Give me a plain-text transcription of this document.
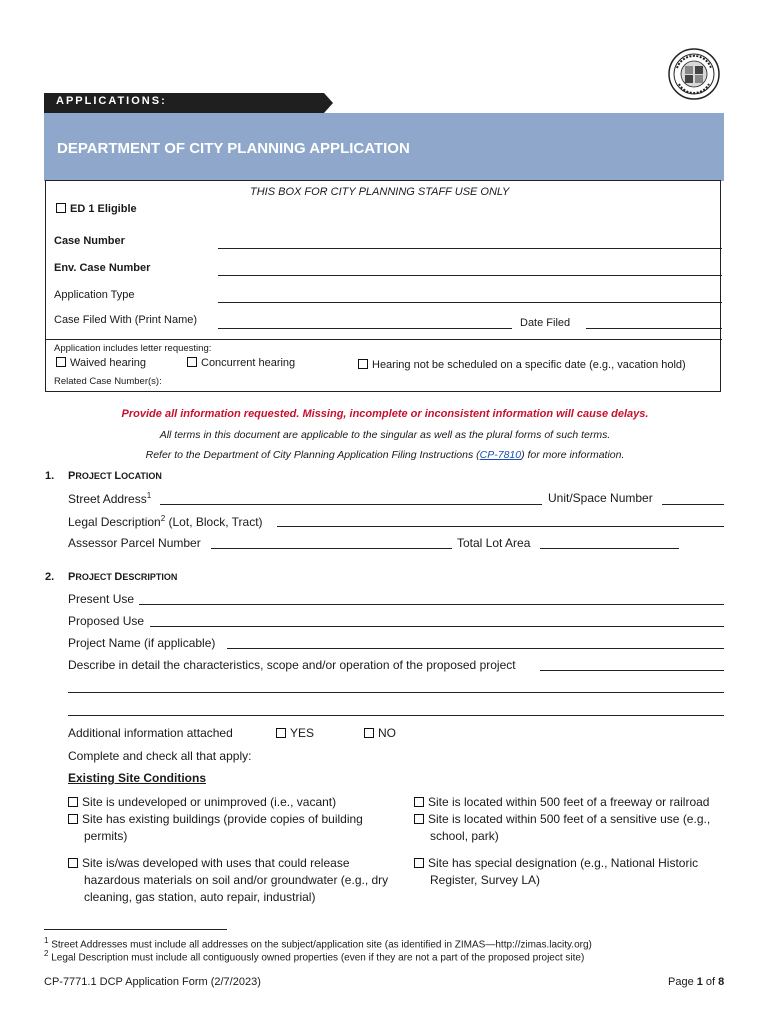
APPLICATIONS:
DEPARTMENT OF CITY PLANNING APPLICATION
THIS BOX FOR CITY PLANNING STAFF USE ONLY
ED 1 Eligible
Case Number
Env. Case Number
Application Type
Case Filed With (Print Name)	Date Filed
Application includes letter requesting:
Waived hearing	Concurrent hearing	Hearing not be scheduled on a specific date (e.g., vacation hold)
Related Case Number(s):
Provide all information requested. Missing, incomplete or inconsistent information will cause delays.
All terms in this document are applicable to the singular as well as the plural forms of such terms.
Refer to the Department of City Planning Application Filing Instructions (CP-7810) for more information.
1. PROJECT LOCATION
Street Address$^1$	Unit/Space Number
Legal Description$^2$ (Lot, Block, Tract)
Assessor Parcel Number	Total Lot Area
2. PROJECT DESCRIPTION
Present Use
Proposed Use
Project Name (if applicable)
Describe in detail the characteristics, scope and/or operation of the proposed project
Additional information attached	YES	NO
Complete and check all that apply:
Existing Site Conditions
Site is undeveloped or unimproved (i.e., vacant)
Site has existing buildings (provide copies of building
permits)
Site is/was developed with uses that could release
hazardous materials on soil and/or groundwater (e.g., dry
cleaning, gas station, auto repair, industrial)
Site is located within 500 feet of a freeway or railroad
Site is located within 500 feet of a sensitive use (e.g.,
school, park)
Site has special designation (e.g., National Historic
Register, Survey LA)
$^1$ Street Addresses must include all addresses on the subject/application site (as identified in ZIMAS—http://zimas.lacity.org)
$^2$ Legal Description must include all contiguously owned properties (even if they are not a part of the proposed project site)
CP-7771.1 DCP Application Form (2/7/2023)	Page 1 of 8
